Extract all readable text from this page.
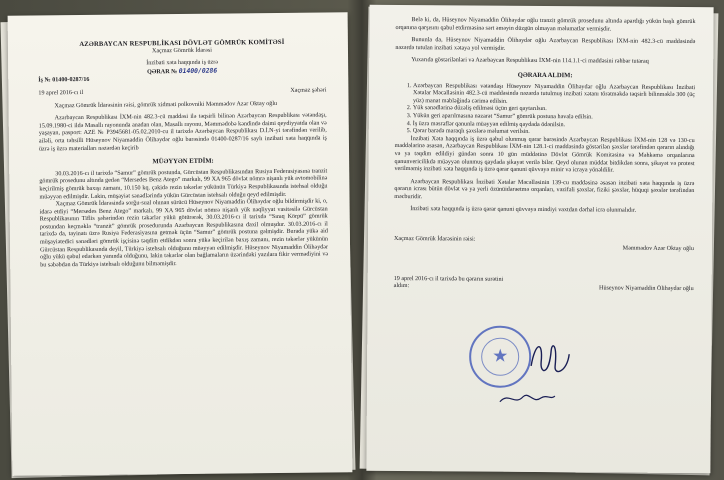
AZƏRBAYCAN RESPUBLİKASI DÖVLƏT GÖMRÜK KOMİTƏSİ
Xaçmaz Gömrük İdarəsi
İnzibati xəta haqqında iş üzrə
QƏRAR № 01400/0286
İş № 01400-0287/16
19 aprel 2016-cı il	Xaçmaz şəhəri

Xaçmaz Gömrük İdarəsinin rəisi, gömrük xidməti polkovniki Məmmədov Azər Oktay oğlu

Azərbaycan Respublikası İXM-nin 482.3-cü maddəsi ilə təqsirli bilinən Azərbaycan Respublikası vətəndaşı, 15.09.1980-ci ildə Masallı rayonunda anadan olan, Masallı rayonu, Məmmədobə kəndində daimi qeydiyyatda olan və yaşayan, pasport: AZE № P3945681-05.02.2010-cu il tarixdə Azərbaycan Respublikası D.İ.N-yi tərəfindən verilib, ailəli, orta təhsilli Hüseynov Niyamaddin Ölihəydər oğlu barəsində 01400-0287/16 saylı inzibati xəta haqqında iş üzrə iş üzrə materialları nəzərdən keçirib

MÜƏYYƏN ETDİM:

30.03.2016-cı il tarixdə “Samur” gömrük postunda, Gürcüstan Respublikasından Rusiya Federasiyasına tranzit gömrük prosedunu altında gedən “Mersedes Benz Atego” markalı, 99 XA 965 dövlət nömrə nişanlı yük avtomobilinə keçirilmiş gömrük baxışı zamanı, 10.150 kq. çəkidə rezin təkərlər yükünün Türkiyə Respublikasında istehsal olduğu müəyyən edilmişdir. Lakin, müşayiət sənədlərində yükün Gürcüstan istehsalı olduğu qeyd edilmişdir.

Xaçmaz Gömrük İdarəsində sorğu-sual olunan sürücü Hüseynov Niyamaddin Ölihəydər oğlu bildirmişdir ki, o, idarə etdiyi “Mersedes Benz Atego” markalı, 99 XA 965 dövlət nömrə nişanlı yük nəqliyyat vasitəsilə Gürcüstan Respublikasının Tiflis şəhərindən rezin təkərlər yükü götürərək, 30.03.2016-cı il tarixdə “Sınıq Körpü” gömrük postundan keçməklə “tranzit” gömrük prosedurunda Azərbaycan Respublikasına daxil olmuşdur. 30.03.2016-cı il tarixdə da, tayinatı üzrə Rusiya Federasiyasına getmək üçün “Samur” gömrük postuna gəlmişdir. Burada yükə aid müşayiətedici sənədləri gömrük işçisinə təqdim etdikdən sonra yükə keçirilən baxış zamanı, rezin təkərlər yükünün Gürcüstan Respublikasında deyil, Türkiyə istehsalı olduğunu müəyyən edilmişdir. Hüseynov Niyamaddin Ölihəydər oğlu yükü qəbul edərkən yanında olduğunu, lakin təkərlər olan bağlamaların üzərindəki yazılara fikir vermədiyini və bu səbəbdən da Türkiyə istehsalı olduğunu bilməmişdir.

Belə ki, da, Hüseynov Niyamaddin Ölihəydər oğlu tranzit gömrük prosedunu altında apardığı yükün başlı gömrük orqanına qarşısını qəbul etdirməsinə sərt əməyin düzgün olmayan məlumatlar vermişdir.

Bununla da, Hüseynov Niyamaddin Ölihəydər oğlu Azərbaycan Respublikası İXM-nin 482.3-cü maddəsində nəzərdə tutulan inzibati xətaya yol vermişdir.

Yuxarıda göstərilənləri və Azərbaycan Respublikası İXM-nin 114.1.1-ci maddəsini rəhbər tutaraq

QƏRARA ALDIM:
1. Azərbaycan Respublikası vətəndaşı Hüseynov Niyamaddin Ölihəydər oğlu Azərbaycan Respublikası İnzibati Xətalar Məcəlləsinin 482.3-cü maddəsində nəzərdə tutulmuş inzibati xətanı törətməkdə təqsirli bilinməklə 300 (üç yüz) manat məbləğində cərimə edilsin.
2. Yük sənədlərinə düzəliş edilməsi üçün geri qaytarılsın.
3. Yükün geri aparılmasına nəzarət “Samur” gömrük postuna həvalə edilsin.
4. İş üzrə məsrəflər qanunla müəyyən edilmiş qaydada ödənilsin.
5. Qərar barədə maraqlı şəxslərə məlumat verilsin.

İnzibati Xəta haqqında iş üzrə qəbul olunmuş qərar barəsində Azərbaycan Respublikası İXM-nin 128 və 130-cu maddələrinə əsasən, Azərbaycan Respublikası İXM-nin 128.1-ci maddəsində göstərilən şəxslər tərəfindən qərarın alındığı və ya təqdim edildiyi gündən sonra 10 gün müddətinə Dövlət Gömrük Komitəsinə və Məhkəmə orqanlarına qanunvericilikdə müəyyən olunmuş qaydada şikayət verilə bilər. Qeyd olunan müddət bitdikdən sonra, şikayət və protest verilməmiş inzibati xəta haqqında iş üzrə qərar qanuni qüvvəyə minir və icraya yönəldilir.

Azərbaycan Respublikası İnzibati Xətalar Məcəlləsinin 139-cu maddəsinə əsasən inzibati xəta haqqında iş üzrə qərarın icrası bütün dövlət və ya yerli özünüidarəetmə orqanları, vəzifəli şəxslər, fiziki şəxslər, hüquqi şəxslər tərəfindən məcburidir.

İnzibati xəta haqqında iş üzrə qərar qanuni qüvvəyə mindiyi vaxtdan dərhal icra olunmalıdır.

Xaçmaz Gömrük İdarəsinin rəisi:
Məmmədov Azər Oktay oğlu
19 aprel 2016-cı il tarixdə bu qərarın surətini aldım:	Hüseynov Niyamaddin Ölihəydər oğlu
★
